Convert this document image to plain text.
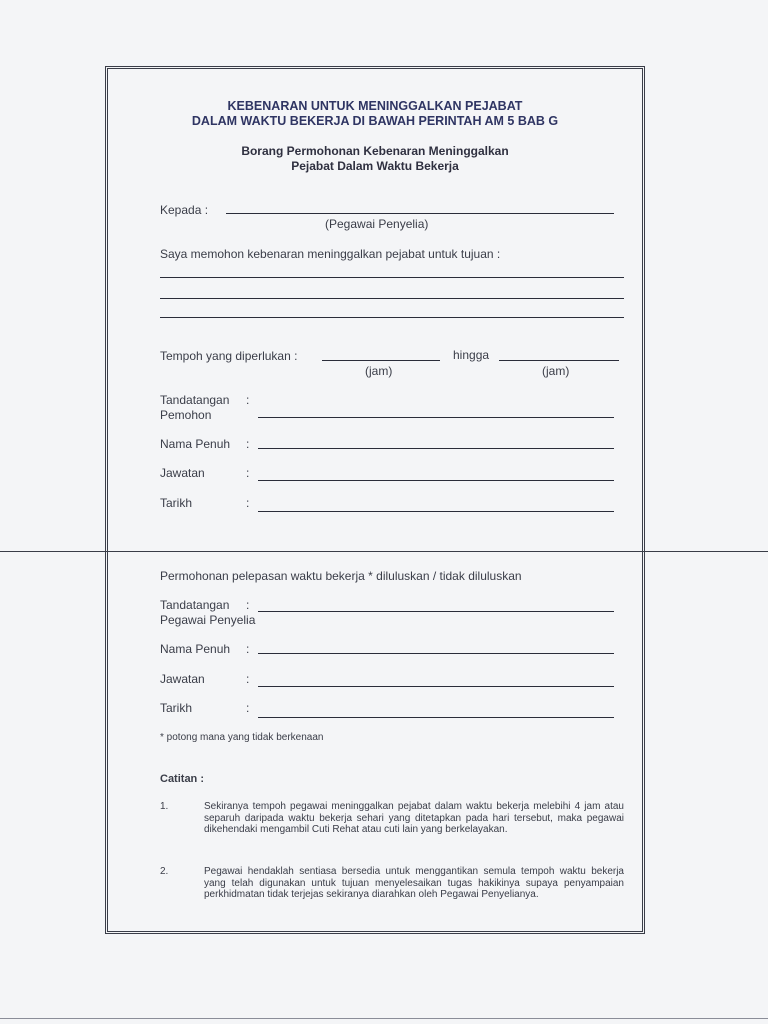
KEBENARAN UNTUK MENINGGALKAN PEJABAT
DALAM WAKTU BEKERJA DI BAWAH PERINTAH AM 5 BAB G
Borang Permohonan Kebenaran Meninggalkan
Pejabat Dalam Waktu Bekerja
Kepada :
(Pegawai Penyelia)
Saya memohon kebenaran meninggalkan pejabat untuk tujuan :
Tempoh yang diperlukan :	hingga
(jam)	(jam)
Tandatangan
Pemohon
:
Nama Penuh :
Jawatan	:
Tarikh	:
Permohonan pelepasan waktu bekerja * diluluskan / tidak diluluskan
Tandatangan
Pegawai Penyelia
:
Nama Penuh :
Jawatan	:
Tarikh	:
* potong mana yang tidak berkenaan
Catitan :
1.	Sekiranya tempoh pegawai meninggalkan pejabat dalam waktu bekerja melebihi 4 jam atau separuh daripada waktu bekerja sehari yang ditetapkan pada hari tersebut, maka pegawai dikehendaki mengambil Cuti Rehat atau cuti lain yang berkelayakan.
2.	Pegawai hendaklah sentiasa bersedia untuk menggantikan semula tempoh waktu bekerja yang telah digunakan untuk tujuan menyelesaikan tugas hakikinya supaya penyampaian perkhidmatan tidak terjejas sekiranya diarahkan oleh Pegawai Penyelianya.
